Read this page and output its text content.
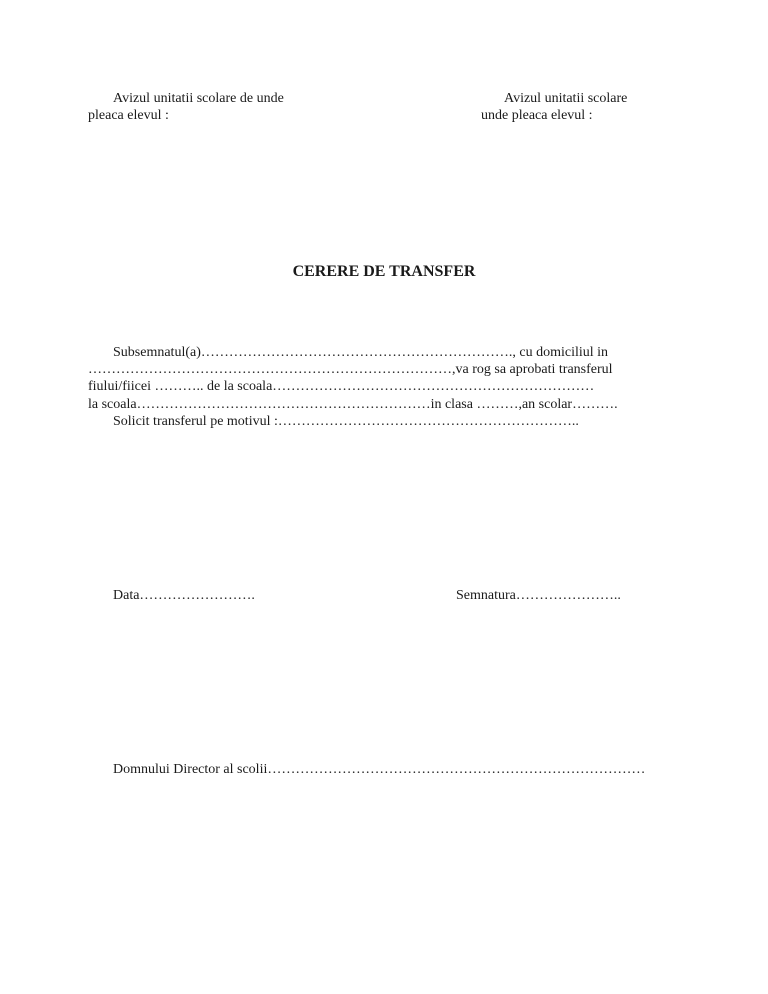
Avizul unitatii scolare de unde
pleaca elevul :
Avizul unitatii scolare
unde pleaca elevul :
CERERE DE TRANSFER
Subsemnatul(a)…………………………………………………………., cu domiciliul in
……………………………………………………………………,va rog sa aprobati transferul
fiului/fiicei ……….. de la scoala……………………………………………………………
la scoala………………………………………………………in clasa ………,an scolar……….
Solicit transferul pe motivul :………………………………………………………..
Data…………………….	Semnatura…………………..
Domnului Director al scolii………………………………………………………………………
